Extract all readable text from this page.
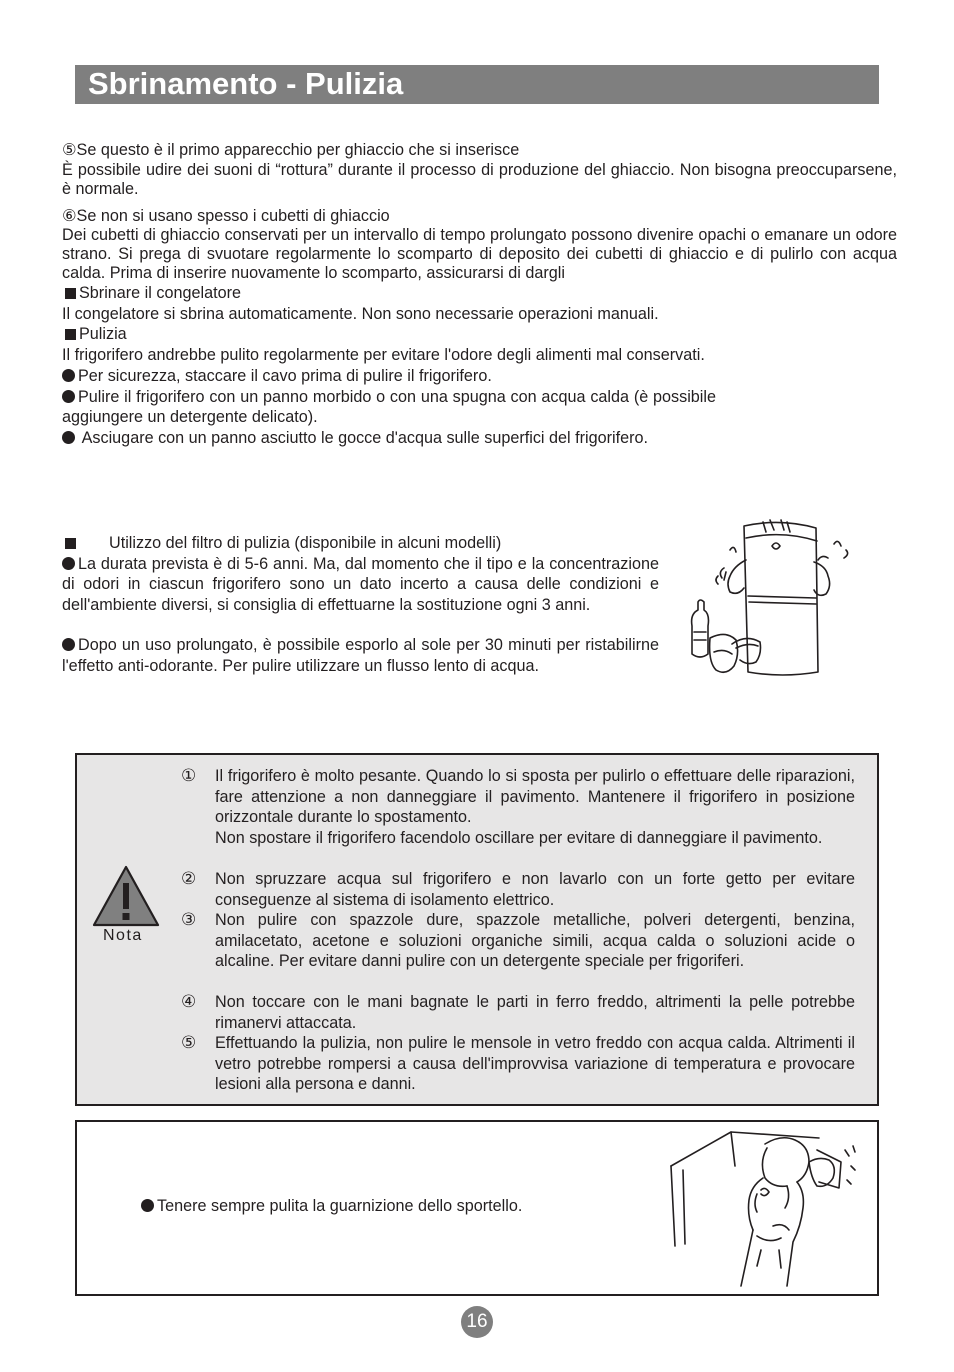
Sbrinamento - Pulizia

⑤Se questo è il primo apparecchio per ghiaccio che si inserisce

È possibile udire dei suoni di “rottura” durante il processo di produzione del ghiaccio. Non bisogna preoccuparsene, è normale.

⑥Se non si usano spesso i cubetti di ghiaccio

Dei cubetti di ghiaccio conservati per un intervallo di tempo prolungato possono divenire opachi o emanare un odore strano. Si prega di svuotare regolarmente lo scomparto di deposito dei cubetti di ghiaccio e di pulirlo con acqua calda. Prima di inserire nuovamente lo scomparto, assicurarsi di dargli

Sbrinare il congelatore

Il congelatore si sbrina automaticamente. Non sono necessarie operazioni manuali.

Pulizia

Il frigorifero andrebbe pulito regolarmente per evitare l'odore degli alimenti mal conservati.

Per sicurezza, staccare il cavo prima di pulire il frigorifero.

Pulire il frigorifero con un panno morbido o con una spugna con acqua calda (è possibile aggiungere un detergente delicato).

Asciugare con un panno asciutto le gocce d'acqua sulle superfici del frigorifero.

Utilizzo del filtro di pulizia (disponibile in alcuni modelli)

La durata prevista è di 5-6 anni. Ma, dal momento che il tipo e la concentrazione di odori in ciascun frigorifero sono un dato incerto a causa delle condizioni e dell'ambiente diversi, si consiglia di effettuarne la sostituzione ogni 3 anni.

Dopo un uso prolungato, è possibile esporlo al sole per 30 minuti per ristabilirne l'effetto anti-odorante. Per pulire utilizzare un flusso lento di acqua.

Nota
① Il frigorifero è molto pesante. Quando lo si sposta per pulirlo o effettuare delle riparazioni, fare attenzione a non danneggiare il pavimento. Mantenere il frigorifero in posizione orizzontale durante lo spostamento.
Non spostare il frigorifero facendolo oscillare per evitare di danneggiare il pavimento.
② Non spruzzare acqua sul frigorifero e non lavarlo con un forte getto per evitare conseguenze al sistema di isolamento elettrico.
③ Non pulire con spazzole dure, spazzole metalliche, polveri detergenti, benzina, amilacetato, acetone e soluzioni organiche simili, acqua calda o soluzioni acide o alcaline. Per evitare danni pulire con un detergente speciale per frigoriferi.
④ Non toccare con le mani bagnate le parti in ferro freddo, altrimenti la pelle potrebbe rimanervi attaccata.
⑤ Effettuando la pulizia, non pulire le mensole in vetro freddo con acqua calda. Altrimenti il vetro potrebbe rompersi a causa dell'improvvisa variazione di temperatura e provocare lesioni alla persona e danni.
Tenere sempre pulita la guarnizione dello sportello.
16
